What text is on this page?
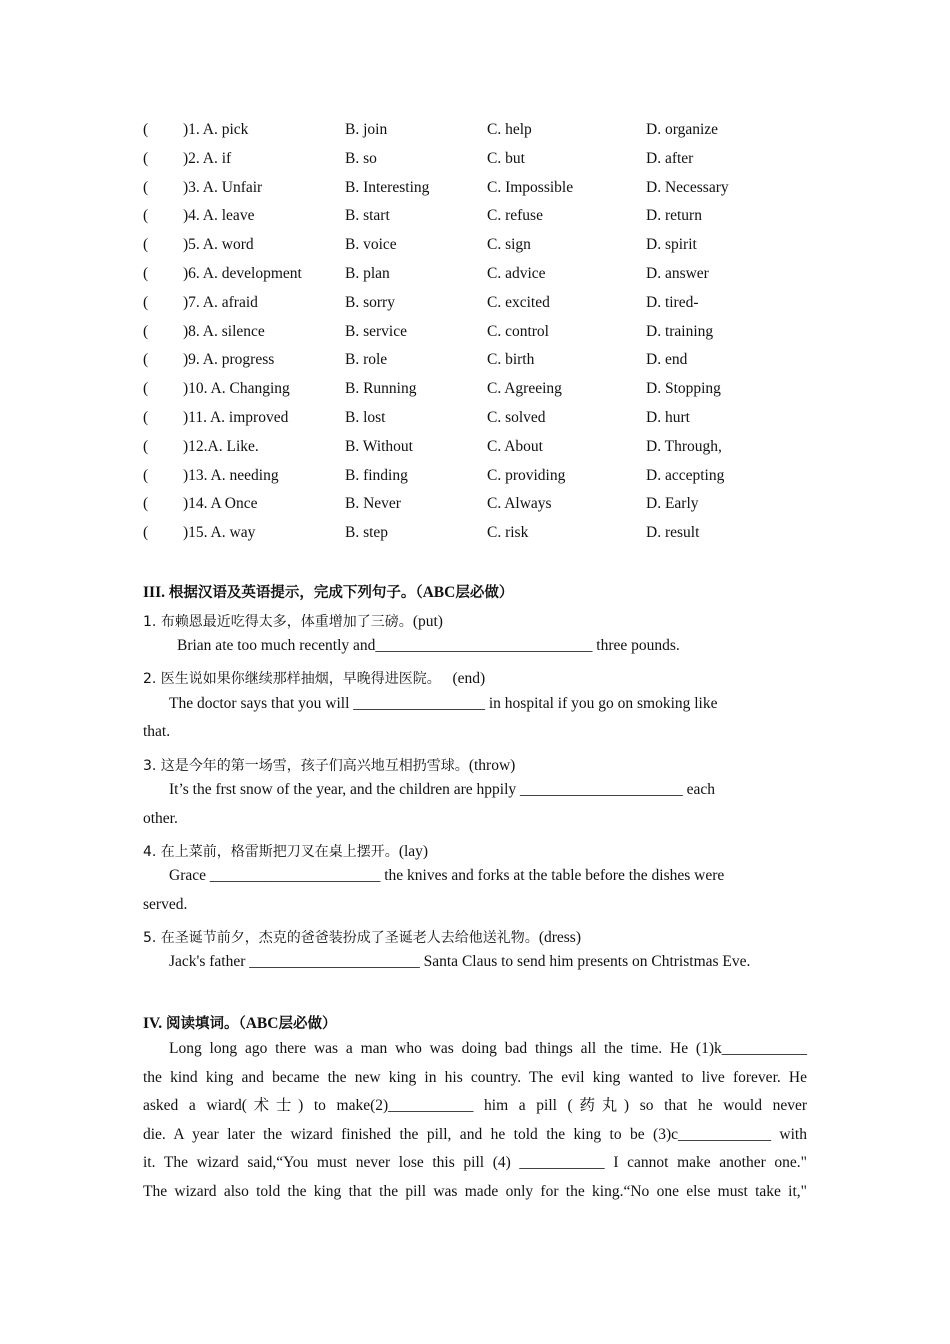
( )1. A. pick	B. join	C. help	D. organize
( )2. A. if	B. so	C. but	D. after
( )3. A. Unfair	B. Interesting	C. Impossible	D. Necessary
( )4. A. leave	B. start	C. refuse	D. return
( )5. A. word	B. voice	C. sign	D. spirit
( )6. A. development	B. plan	C. advice	D. answer
( )7. A. afraid	B. sorry	C. excited	D. tired-
( )8. A. silence	B. service	C. control	D. training
( )9. A. progress	B. role	C. birth	D. end
( )10. A. Changing	B. Running	C. Agreeing	D. Stopping
( )11. A. improved	B. lost	C. solved	D. hurt
( )12.A. Like.	B. Without	C. About	D. Through,
( )13. A. needing	B. finding	C. providing	D. accepting
( )14. A Once	B. Never	C. Always	D. Early
( )15. A. way	B. step	C. risk	D. result
III. 根据汉语及英语提示，完成下列句子。（ABC层必做）
1. 布赖恩最近吃得太多，体重增加了三磅。(put)
Brian ate too much recently and____________________________ three pounds.
2. 医生说如果你继续那样抽烟，早晚得进医院。 (end)
The doctor says that you will _________________ in hospital if you go on smoking like
that.
3. 这是今年的第一场雪，孩子们高兴地互相扔雪球。(throw)
It’s the frst snow of the year, and the children are hppily _____________________ each
other.
4. 在上菜前，格雷斯把刀叉在桌上摆开。(lay)
Grace ______________________ the knives and forks at the table before the dishes were
served.
5. 在圣诞节前夕，杰克的爸爸装扮成了圣诞老人去给他送礼物。(dress)
Jack's father ______________________ Santa Claus to send him presents on Chtristmas Eve.
IV. 阅读填词。（ABC层必做）
Long long ago there was a man who was doing bad things all the time. He (1)k___________
the kind king and became the new king in his country. The evil king wanted to live forever. He
asked a wiard(术士) to make(2)___________ him a pill (药丸) so that he would never
die. A year later the wizard finished the pill, and he told the king to be (3)c____________ with
it. The wizard said,“You must never lose this pill (4) ___________ I cannot make another one."
The wizard also told the king that the pill was made only for the king.“No one else must take it,"
